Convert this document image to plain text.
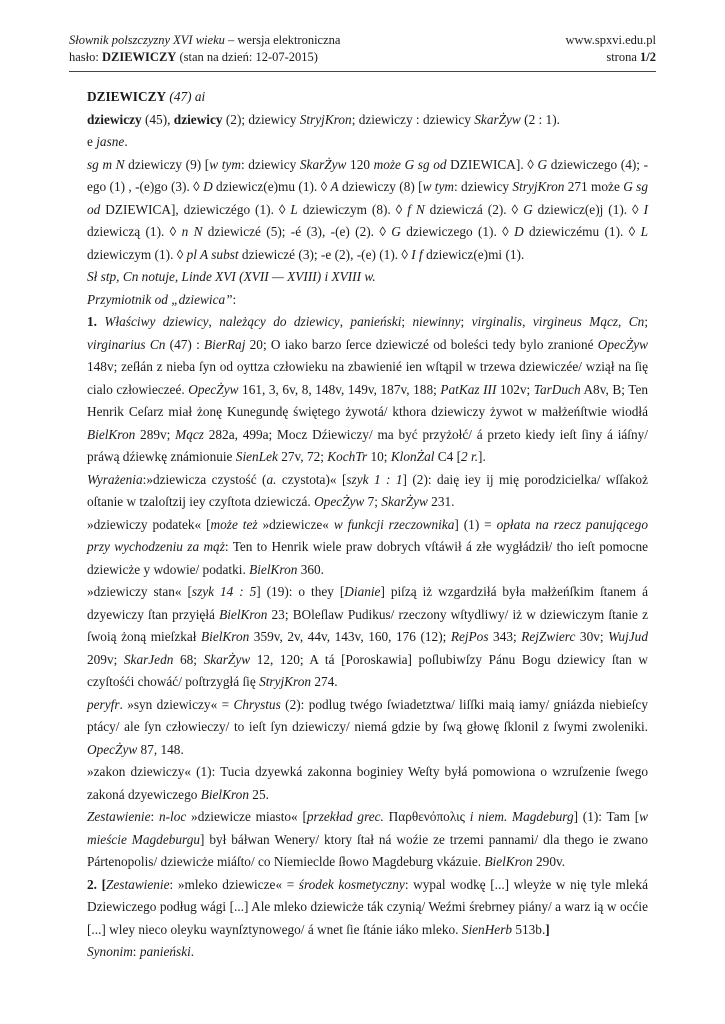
Słownik polszczyzny XVI wieku – wersja elektroniczna	www.spxvi.edu.pl
hasło: DZIEWICZY (stan na dzień: 12-07-2015)	strona 1/2

DZIEWICZY (47) ai

dziewiczy (45), dziewicy (2); dziewicy StryjKron; dziewiczy : dziewicy SkarŻyw (2 : 1).

e jasne.

sg m N dziewiczy (9) [w tym: dziewicy SkarŻyw 120 może G sg od DZIEWICA]. ◊ G dziewiczego (4); -ego (1) , -(e)go (3). ◊ D dziewicz(e)mu (1). ◊ A dziewiczy (8) [w tym: dziewicy StryjKron 271 może G sg od DZIEWICA], dziewiczégo (1). ◊ L dziewiczym (8). ◊ f N dziewiczá (2). ◊ G dziewicz(e)j (1). ◊ I dziewiczą (1). ◊ n N dziewiczé (5); -é (3), -(e) (2). ◊ G dziewiczego (1). ◊ D dziewiczému (1). ◊ L dziewiczym (1). ◊ pl A subst dziewiczé (3); -e (2), -(e) (1). ◊ I f dziewicz(e)mi (1).

Sł stp, Cn notuje, Linde XVI (XVII — XVIII) i XVIII w.

Przymiotnik od „dziewica”:

1. Właściwy dziewicy, należący do dziewicy, panieński; niewinny; virginalis, virgineus Mącz, Cn; virginarius Cn (47) : BierRaj 20; O iako barzo ſerce dziewiczé od boleści tedy bylo zranioné OpecŻyw 148v; zeſłán z nieba ſyn od oyttza człowieku na zbawienié ien wſtąpil w trzewa dziewiczée/ wziął na ſię cialo człowieczeé. OpecŻyw 161, 3, 6v, 8, 148v, 149v, 187v, 188; PatKaz III 102v; TarDuch A8v, B; Ten Henrik Ceſarz miał żonę Kunegundę świętego żywotá/ kthora dziewiczy żywot w małżeńſtwie wiodłá BielKron 289v; Mącz 282a, 499a; Mocz Dźiewiczy/ ma być przyżołć/ á przeto kiedy ieſt ſiny á iáſny/ práwą dźiewkę známionuie SienLek 27v, 72; KochTr 10; KlonŻal C4 [2 r.].

Wyrażenia:»dziewicza czystość (a. czystota)« [szyk 1 : 1] (2): daię iey ij mię porodzicielka/ wſſakoż oſtanie w tzaloſtzij iey czyſtota dziewiczá. OpecŻyw 7; SkarŻyw 231.

»dziewiczy podatek« [może też »dziewicze« w funkcji rzeczownika] (1) = opłata na rzecz panującego przy wychodzeniu za mąż: Ten to Henrik wiele praw dobrych vſtáwił á złe wygłádził/ tho ieſt pomocne dziewicże y wdowie/ podatki. BielKron 360.

»dziewiczy stan« [szyk 14 : 5] (19): o they [Dianie] piſzą iż wzgardziłá była małżeńſkim ſtanem á dzyewiczy ſtan przyięłá BielKron 23; BOleſlaw Pudikus/ rzeczony wſtydliwy/ iż w dziewiczym ſtanie z ſwoią żoną mieſzkał BielKron 359v, 2v, 44v, 143v, 160, 176 (12); RejPos 343; RejZwierc 30v; WujJud 209v; SkarJedn 68; SkarŻyw 12, 120; A tá [Poroskawia] poſlubiwſzy Pánu Bogu dziewicy ſtan w czyſtośći chowáć/ poſtrzygłá ſię StryjKron 274.

peryfr. »syn dziewiczy« = Chrystus (2): podlug twégo ſwiadetztwa/ liſſki maią iamy/ gniázda niebieſcy ptácy/ ale ſyn człowieczy/ to ieſt ſyn dziewiczy/ niemá gdzie by ſwą głowę ſklonil z ſwymi zwoleniki. OpecŻyw 87, 148.

»zakon dziewiczy« (1): Tucia dzyewká zakonna boginiey Weſty byłá pomowiona o wzruſzenie ſwego zakoná dzyewiczego BielKron 25.

Zestawienie: n-loc »dziewicze miasto« [przekład grec. Παρθενόπολις i niem. Magdeburg] (1): Tam [w mieście Magdeburgu] był báłwan Wenery/ ktory ſtał ná woźie ze trzemi pannami/ dla thego ie zwano Pártenopolis/ dziewicże miáſto/ co Niemieclde ſłowo Magdeburg vkázuie. BielKron 290v.

2. [Zestawienie: »mleko dziewicze« = środek kosmetyczny: wypal wodkę [...] wleyże w nię tyle mleká Dziewiczego podług wági [...] Ale mleko dziewicże ták czynią/ Weźmi śrebrney piány/ a warz ią w ocćie [...] wley nieco oleyku waynſztynowego/ á wnet ſie ſtánie iáko mleko. SienHerb 513b.]

Synonim: panieński.
